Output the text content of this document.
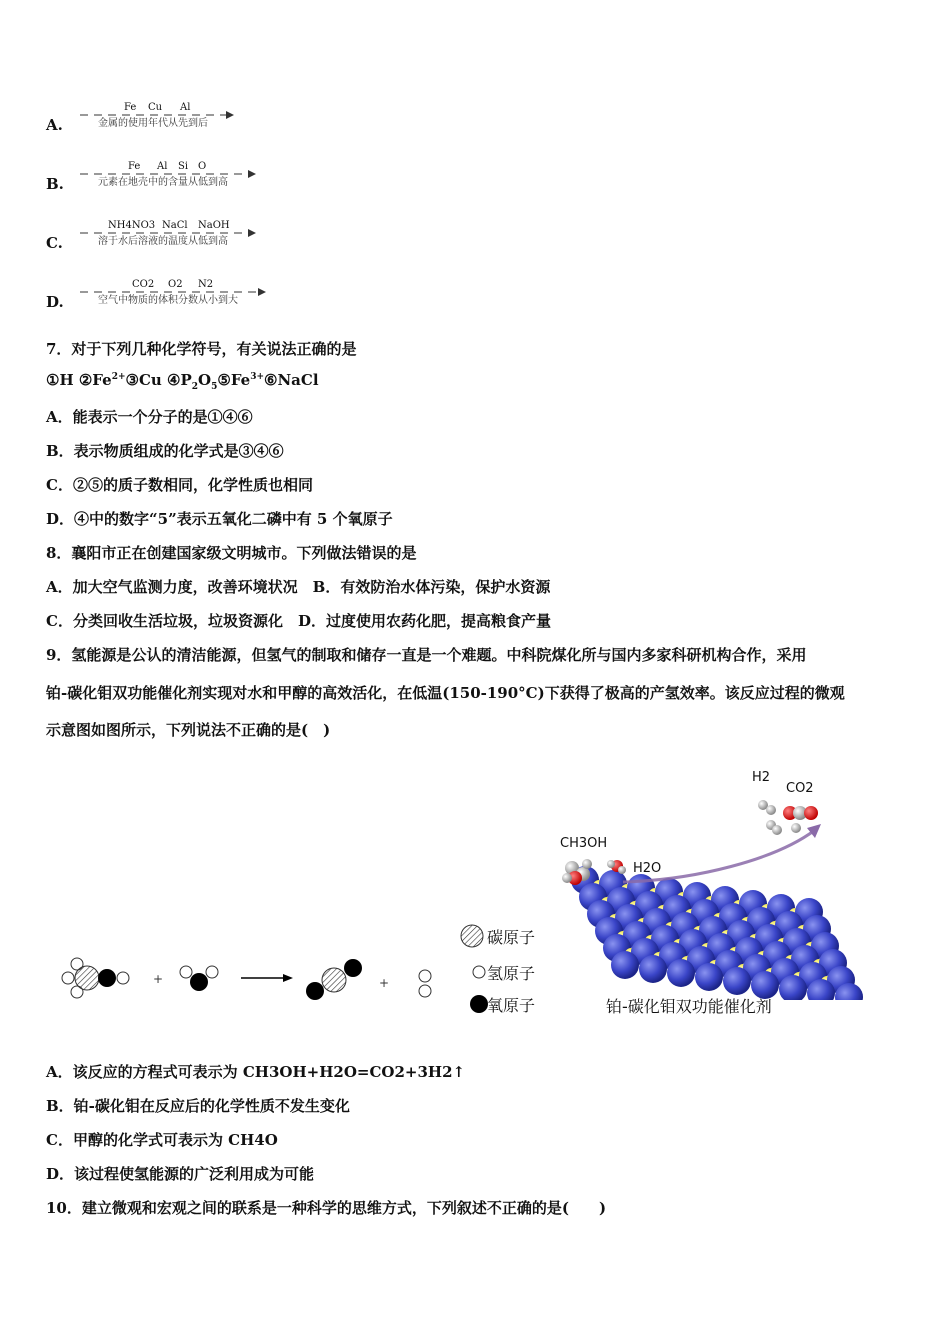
A.
Fe Cu Al
金属的使用年代从先到后
B.
Fe Al Si O
元素在地壳中的含量从低到高
C.
NH4NO3 NaCl NaOH
溶于水后溶液的温度从低到高
D.
CO2 O2 N2
空气中物质的体积分数从小到大
7．对于下列几种化学符号，有关说法正确的是
①H $②Fe^{2+}③Cu$ $④P_2O_5⑤Fe^{3+}⑥NaCl$
A．能表示一个分子的是①④⑥
B．表示物质组成的化学式是③④⑥
C．②⑤的质子数相同，化学性质也相同
D．④中的数字“5”表示五氧化二磷中有 5 个氧原子
8．襄阳市正在创建国家级文明城市。下列做法错误的是
A．加大空气监测力度，改善环境状况　B．有效防治水体污染，保护水资源
C．分类回收生活垃圾，垃圾资源化　D．过度使用农药化肥，提高粮食产量
9．氢能源是公认的清洁能源，但氢气的制取和储存一直是一个难题。中科院煤化所与国内多家科研机构合作，采用
铂-碳化钼双功能催化剂实现对水和甲醇的高效活化，在低温(150-190°C)下获得了极高的产氢效率。该反应过程的微观
示意图如图所示，下列说法不正确的是(　)
+	+
碳原子
氢原子
氧原子
H2
CO2
CH3OH
H2O
铂-碳化钼双功能催化剂
A．该反应的方程式可表示为 CH3OH+H2O=CO2+3H2↑
B．铂-碳化钼在反应后的化学性质不发生变化
C．甲醇的化学式可表示为 CH4O
D．该过程使氢能源的广泛利用成为可能
10．建立微观和宏观之间的联系是一种科学的思维方式，下列叙述不正确的是(　　)
